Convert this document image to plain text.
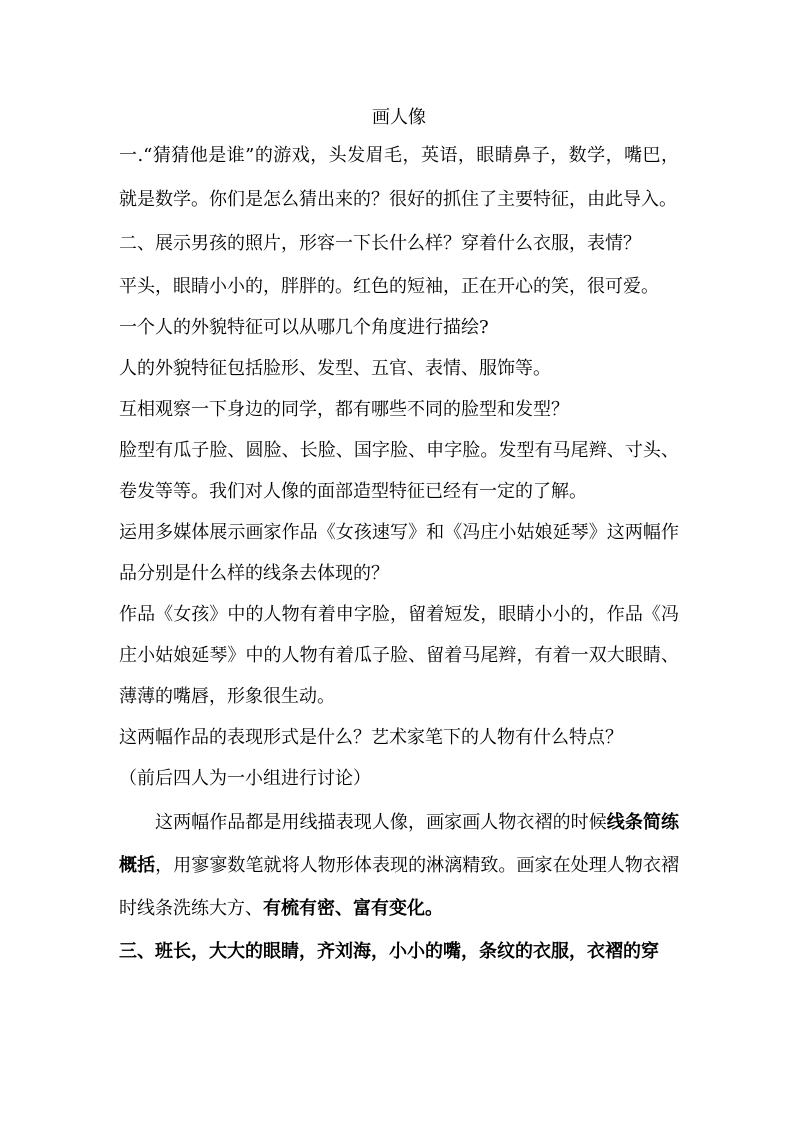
画人像

一.“猜猜他是谁”的游戏，头发眉毛，英语，眼睛鼻子，数学，嘴巴，就是数学。你们是怎么猜出来的？很好的抓住了主要特征，由此导入。

二、展示男孩的照片，形容一下长什么样？穿着什么衣服，表情？

平头，眼睛小小的，胖胖的。红色的短袖，正在开心的笑，很可爱。

一个人的外貌特征可以从哪几个角度进行描绘?

人的外貌特征包括脸形、发型、五官、表情、服饰等。

互相观察一下身边的同学，都有哪些不同的脸型和发型？

脸型有瓜子脸、圆脸、长脸、国字脸、申字脸。发型有马尾辫、寸头、卷发等等。我们对人像的面部造型特征已经有一定的了解。

运用多媒体展示画家作品《女孩速写》和《冯庄小姑娘延琴》这两幅作品分别是什么样的线条去体现的？

作品《女孩》中的人物有着申字脸，留着短发，眼睛小小的，作品《冯庄小姑娘延琴》中的人物有着瓜子脸、留着马尾辫，有着一双大眼睛、薄薄的嘴唇，形象很生动。

这两幅作品的表现形式是什么？艺术家笔下的人物有什么特点？

（前后四人为一小组进行讨论）

这两幅作品都是用线描表现人像，画家画人物衣褶的时候线条简练概括，用寥寥数笔就将人物形体表现的淋漓精致。画家在处理人物衣褶时线条洗练大方、有梳有密、富有变化。

三、班长，大大的眼睛，齐刘海，小小的嘴，条纹的衣服，衣褶的穿
